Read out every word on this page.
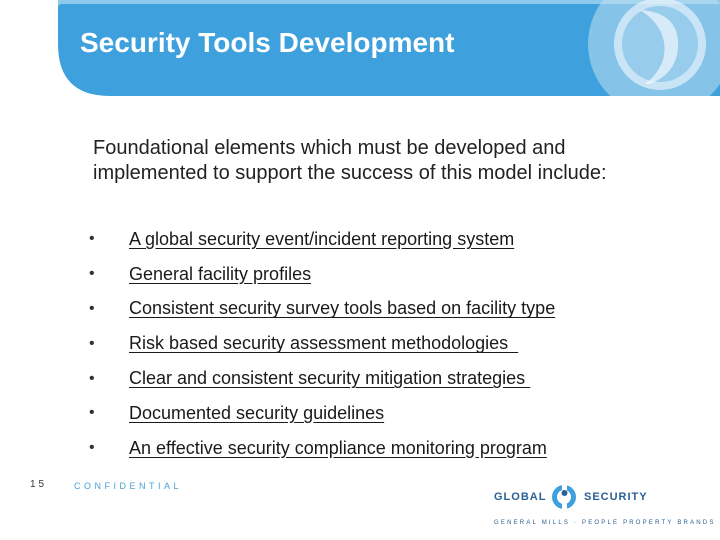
Security Tools Development

Foundational elements which must be developed and implemented to support the success of this model include:

•	A global security event/incident reporting system
•	General facility profiles
•	Consistent security survey tools based on facility type
•	Risk based security assessment methodologies
•	Clear and consistent security mitigation strategies
•	Documented security guidelines
•	An effective security compliance monitoring program
15	CONFIDENTIAL
GLOBAL	SECURITY
GENERAL MILLS · PEOPLE PROPERTY BRANDS
